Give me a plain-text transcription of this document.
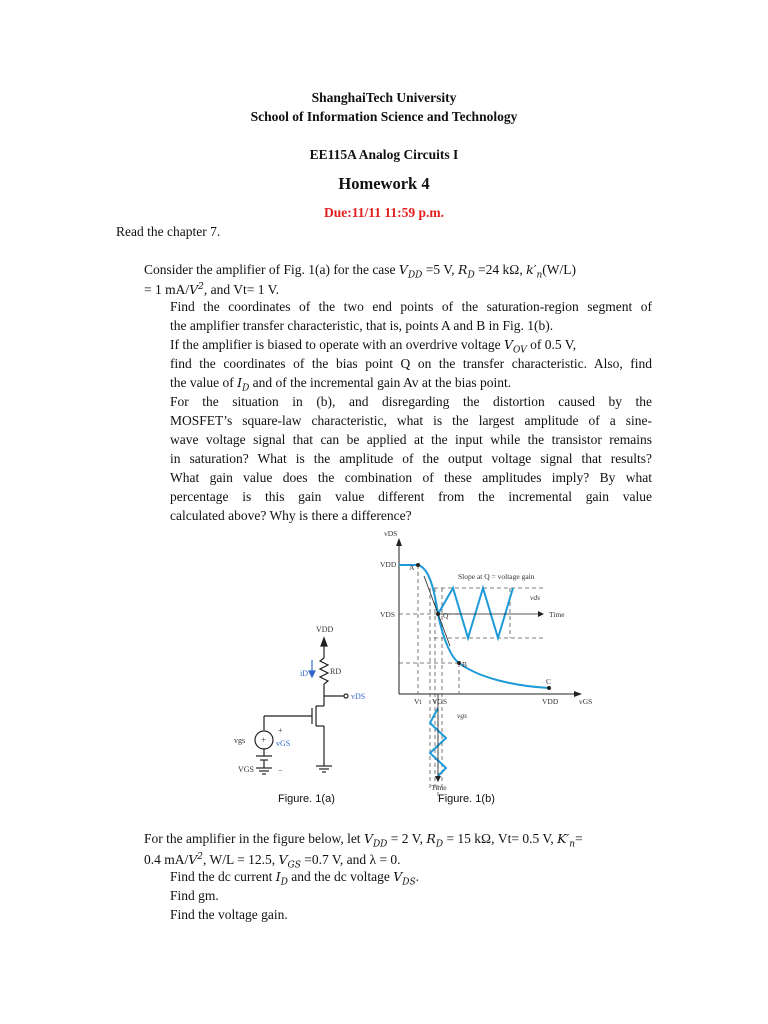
ShanghaiTech University
School of Information Science and Technology
EE115A Analog Circuits I
Homework 4
Due:11/11 11:59 p.m.
Read the chapter 7.
Consider the amplifier of Fig. 1(a) for the case $V_{DD} =5$ V, $R_D =24$ kΩ, $k'_n(W/L)$
= 1 $mA/V^2$, and Vt= 1 V.
Find the coordinates of the two end points of the saturation-region segment of
the amplifier transfer characteristic, that is, points A and B in Fig. 1(b).
If the amplifier is biased to operate with an overdrive voltage $V_{OV}$ of 0.5 V,
find the coordinates of the bias point Q on the transfer characteristic. Also, find
the value of $I_D$ and of the incremental gain Av at the bias point.
For the situation in (b), and disregarding the distortion caused by the
MOSFET’s square-law characteristic, what is the largest amplitude of a sine-
wave voltage signal that can be applied at the input while the transistor remains
in saturation? What is the amplitude of the output voltage signal that results?
What gain value does the combination of these amplitudes imply? By what
percentage is this gain value different from the incremental gain value
calculated above? Why is there a difference?
VDD
RD
iD
vDS
vGS
vgs
VGS
+
+
−
vDS
vGS
VDD
VDS
Slope at Q = voltage gain
Time
vds
vgs
Time
A
Q
B
C
Vt VGS	VDD
Figure. 1(a)	Figure. 1(b)
For the amplifier in the figure below, let $V_{DD} = 2$ V, $R_D = 15$ kΩ, Vt= 0.5 V, $K'_n=$
0.4 $mA/V^2$, W/L = 12.5, $V_{GS} =0.7$ V, and λ = 0.
Find the dc current $I_D$ and the dc voltage $V_{DS}$.
Find gm.
Find the voltage gain.
